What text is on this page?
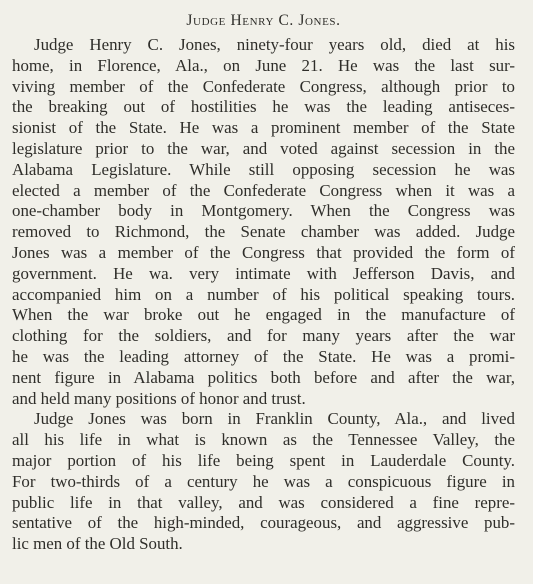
Judge Henry C. Jones.
Judge Henry C. Jones, ninety-four years old, died at his
home, in Florence, Ala., on June 21. He was the last sur-
viving member of the Confederate Congress, although prior to
the breaking out of hostilities he was the leading antiseces-
sionist of the State. He was a prominent member of the State
legislature prior to the war, and voted against secession in the
Alabama Legislature. While still opposing secession he was
elected a member of the Confederate Congress when it was a
one-chamber body in Montgomery. When the Congress was
removed to Richmond, the Senate chamber was added. Judge
Jones was a member of the Congress that provided the form of
government. He wa. very intimate with Jefferson Davis, and
accompanied him on a number of his political speaking tours.
When the war broke out he engaged in the manufacture of
clothing for the soldiers, and for many years after the war
he was the leading attorney of the State. He was a promi-
nent figure in Alabama politics both before and after the war,
and held many positions of honor and trust.
Judge Jones was born in Franklin County, Ala., and lived
all his life in what is known as the Tennessee Valley, the
major portion of his life being spent in Lauderdale County.
For two-thirds of a century he was a conspicuous figure in
public life in that valley, and was considered a fine repre-
sentative of the high-minded, courageous, and aggressive pub-
lic men of the Old South.
